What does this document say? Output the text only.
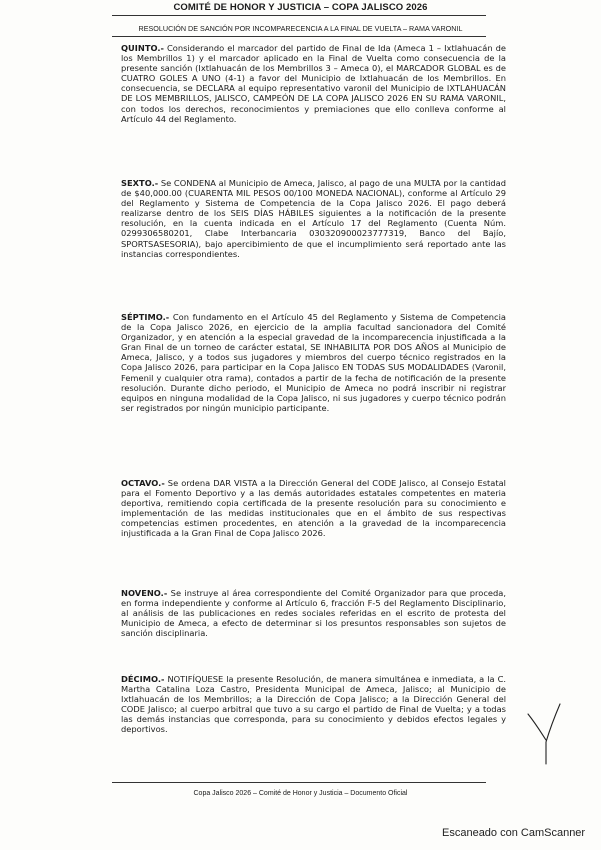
COMITÉ DE HONOR Y JUSTICIA – COPA JALISCO 2026
RESOLUCIÓN DE SANCIÓN POR INCOMPARECENCIA A LA FINAL DE VUELTA – RAMA VARONIL
QUINTO.- Considerando el marcador del partido de Final de Ida (Ameca 1 – Ixtlahuacán de los Membrillos 1) y el marcador aplicado en la Final de Vuelta como consecuencia de la presente sanción (Ixtlahuacán de los Membrillos 3 – Ameca 0), el MARCADOR GLOBAL es de CUATRO GOLES A UNO (4-1) a favor del Municipio de Ixtlahuacán de los Membrillos. En consecuencia, se DECLARA al equipo representativo varonil del Municipio de IXTLAHUACÁN DE LOS MEMBRILLOS, JALISCO, CAMPEÓN DE LA COPA JALISCO 2026 EN SU RAMA VARONIL, con todos los derechos, reconocimientos y premiaciones que ello conlleva conforme al Artículo 44 del Reglamento.
SEXTO.- Se CONDENA al Municipio de Ameca, Jalisco, al pago de una MULTA por la cantidad de $40,000.00 (CUARENTA MIL PESOS 00/100 MONEDA NACIONAL), conforme al Artículo 29 del Reglamento y Sistema de Competencia de la Copa Jalisco 2026. El pago deberá realizarse dentro de los SEIS DÍAS HÁBILES siguientes a la notificación de la presente resolución, en la cuenta indicada en el Artículo 17 del Reglamento (Cuenta Núm. 0299306580201, Clabe Interbancaria 030320900023777319, Banco del Bajío, SPORTSASESORIA), bajo apercibimiento de que el incumplimiento será reportado ante las instancias correspondientes.
SÉPTIMO.- Con fundamento en el Artículo 45 del Reglamento y Sistema de Competencia de la Copa Jalisco 2026, en ejercicio de la amplia facultad sancionadora del Comité Organizador, y en atención a la especial gravedad de la incomparecencia injustificada a la Gran Final de un torneo de carácter estatal, SE INHABILITA POR DOS AÑOS al Municipio de Ameca, Jalisco, y a todos sus jugadores y miembros del cuerpo técnico registrados en la Copa Jalisco 2026, para participar en la Copa Jalisco EN TODAS SUS MODALIDADES (Varonil, Femenil y cualquier otra rama), contados a partir de la fecha de notificación de la presente resolución. Durante dicho periodo, el Municipio de Ameca no podrá inscribir ni registrar equipos en ninguna modalidad de la Copa Jalisco, ni sus jugadores y cuerpo técnico podrán ser registrados por ningún municipio participante.
OCTAVO.- Se ordena DAR VISTA a la Dirección General del CODE Jalisco, al Consejo Estatal para el Fomento Deportivo y a las demás autoridades estatales competentes en materia deportiva, remitiendo copia certificada de la presente resolución para su conocimiento e implementación de las medidas institucionales que en el ámbito de sus respectivas competencias estimen procedentes, en atención a la gravedad de la incomparecencia injustificada a la Gran Final de Copa Jalisco 2026.
NOVENO.- Se instruye al área correspondiente del Comité Organizador para que proceda, en forma independiente y conforme al Artículo 6, fracción F-5 del Reglamento Disciplinario, al análisis de las publicaciones en redes sociales referidas en el escrito de protesta del Municipio de Ameca, a efecto de determinar si los presuntos responsables son sujetos de sanción disciplinaria.
DÉCIMO.- NOTIFÍQUESE la presente Resolución, de manera simultánea e inmediata, a la C. Martha Catalina Loza Castro, Presidenta Municipal de Ameca, Jalisco; al Municipio de Ixtlahuacán de los Membrillos; a la Dirección de Copa Jalisco; a la Dirección General del CODE Jalisco; al cuerpo arbitral que tuvo a su cargo el partido de Final de Vuelta; y a todas las demás instancias que corresponda, para su conocimiento y debidos efectos legales y deportivos.
Copa Jalisco 2026 – Comité de Honor y Justicia – Documento Oficial
Escaneado con CamScanner
